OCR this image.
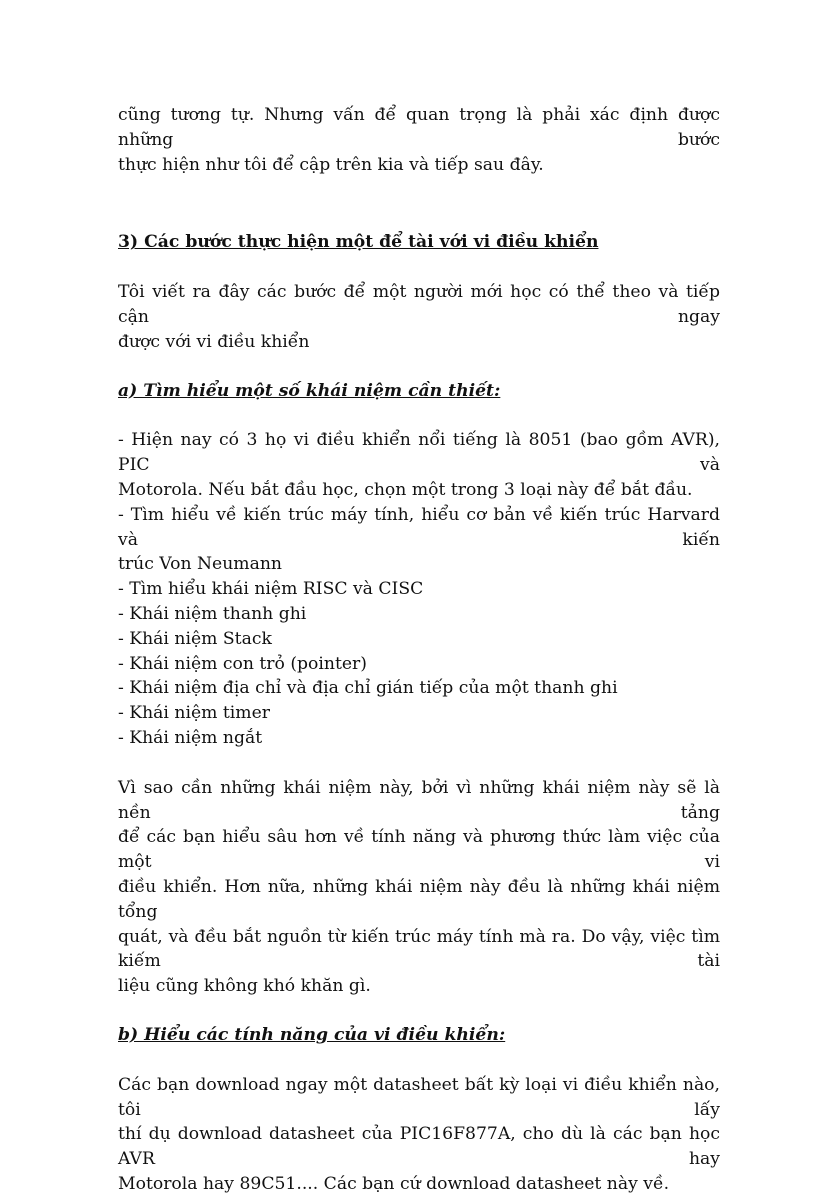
cũng tương tự. Nhưng vấn để quan trọng là phải xác định được những bước
thực hiện như tôi để cập trên kia và tiếp sau đây.

3) Các bước thực hiện một để tài với vi điều khiển

Tôi viết ra đây các bước để một người mới học có thể theo và tiếp cận ngay
được với vi điều khiển

a) Tìm hiểu một số khái niệm cần thiết:

- Hiện nay có 3 họ vi điều khiển nổi tiếng là 8051 (bao gồm AVR), PIC và
Motorola. Nếu bắt đầu học, chọn một trong 3 loại này để bắt đầu.
- Tìm hiểu về kiến trúc máy tính, hiểu cơ bản về kiến trúc Harvard và kiến
trúc Von Neumann
- Tìm hiểu khái niệm RISC và CISC
- Khái niệm thanh ghi
- Khái niệm Stack
- Khái niệm con trỏ (pointer)
- Khái niệm địa chỉ và địa chỉ gián tiếp của một thanh ghi
- Khái niệm timer
- Khái niệm ngắt

Vì sao cần những khái niệm này, bởi vì những khái niệm này sẽ là nền tảng
để các bạn hiểu sâu hơn về tính năng và phương thức làm việc của một vi
điều khiển. Hơn nữa, những khái niệm này đều là những khái niệm tổng
quát, và đều bắt nguồn từ kiến trúc máy tính mà ra. Do vậy, việc tìm kiếm tài
liệu cũng không khó khăn gì.

b) Hiểu các tính năng của vi điều khiển:

Các bạn download ngay một datasheet bất kỳ loại vi điều khiển nào, tôi lấy
thí dụ download datasheet của PIC16F877A, cho dù là các bạn học AVR hay
Motorola hay 89C51.... Các bạn cứ download datasheet này về.
